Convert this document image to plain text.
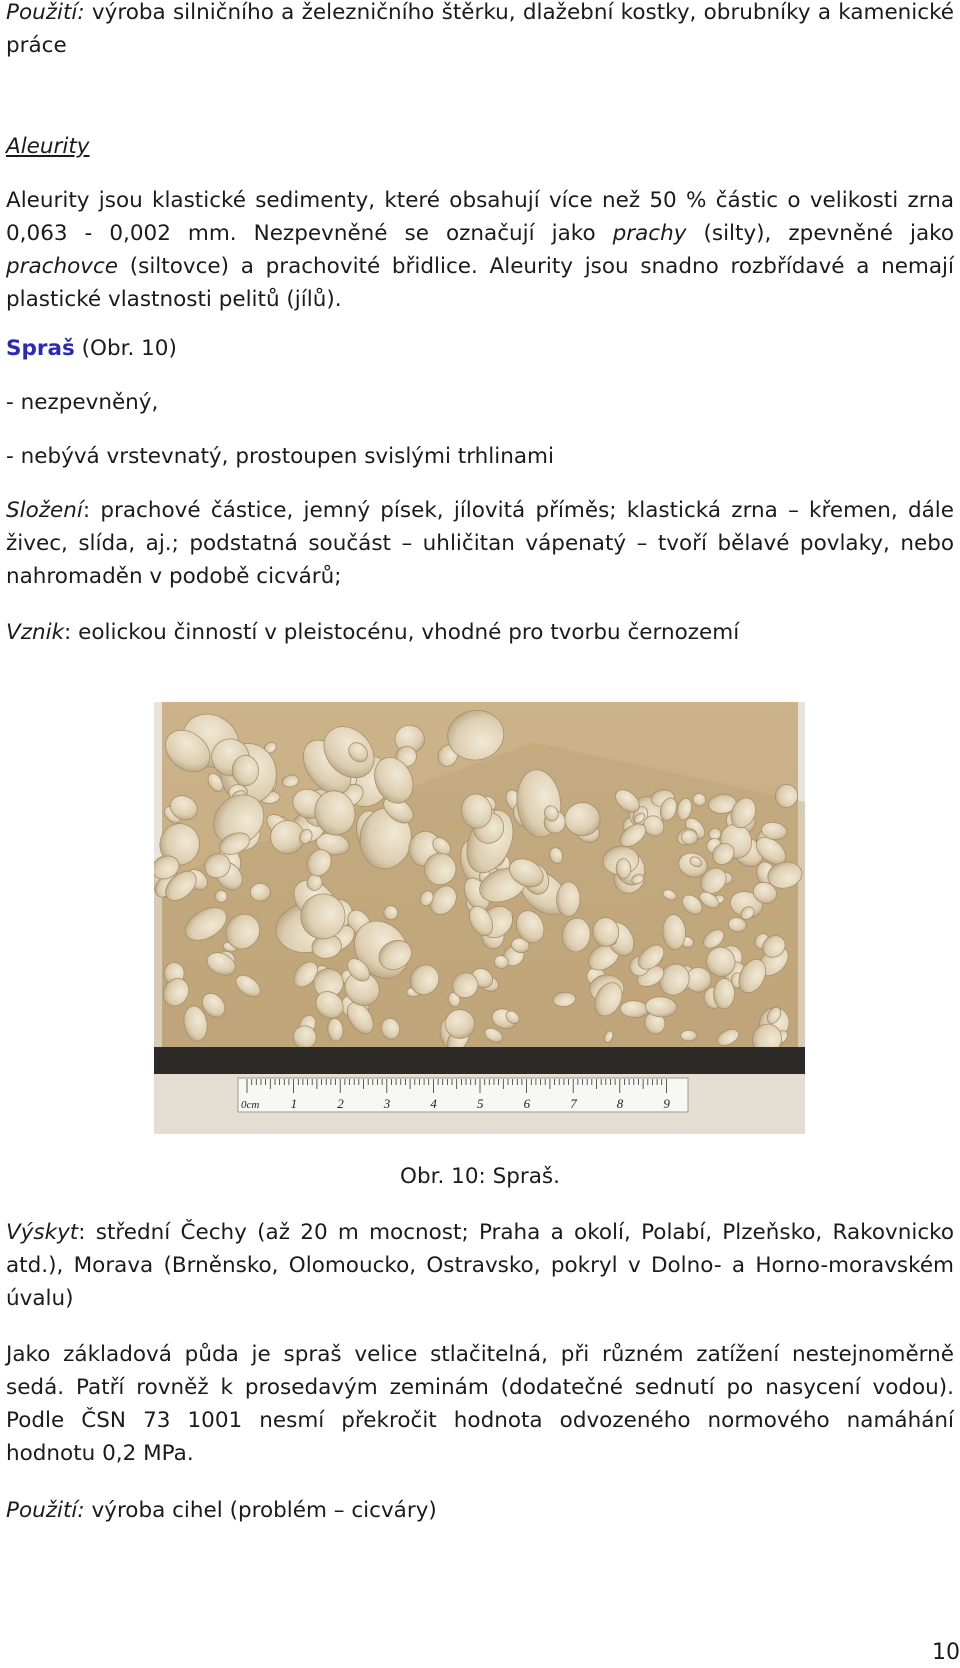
Použití: výroba silničního a železničního štěrku, dlažební kostky, obrubníky a kamenické práce

Aleurity

Aleurity jsou klastické sedimenty, které obsahují více než 50 % částic o velikosti zrna 0,063 - 0,002 mm. Nezpevněné se označují jako prachy (silty), zpevněné jako prachovce (siltovce) a prachovité břidlice. Aleurity jsou snadno rozbřídavé a nemají plastické vlastnosti pelitů (jílů).

Spraš (Obr. 10)

- nezpevněný,

- nebývá vrstevnatý, prostoupen svislými trhlinami

Složení: prachové částice, jemný písek, jílovitá příměs; klastická zrna – křemen, dále živec, slída, aj.; podstatná součást – uhličitan vápenatý – tvoří bělavé povlaky, nebo nahromaděn v podobě cicvárů;

Vznik: eolickou činností v pleistocénu, vhodné pro tvorbu černozemí

0cm 1	2	3	4	5	6	7	8	9
Obr. 10: Spraš.

Výskyt: střední Čechy (až 20 m mocnost; Praha a okolí, Polabí, Plzeňsko, Rakovnicko atd.), Morava (Brněnsko, Olomoucko, Ostravsko, pokryl v Dolno- a Horno-moravském úvalu)

Jako základová půda je spraš velice stlačitelná, při různém zatížení nestejnoměrně sedá. Patří rovněž k prosedavým zeminám (dodatečné sednutí po nasycení vodou). Podle ČSN 73 1001 nesmí překročit hodnota odvozeného normového namáhání hodnotu 0,2 MPa.

Použití: výroba cihel (problém – cicváry)

10
